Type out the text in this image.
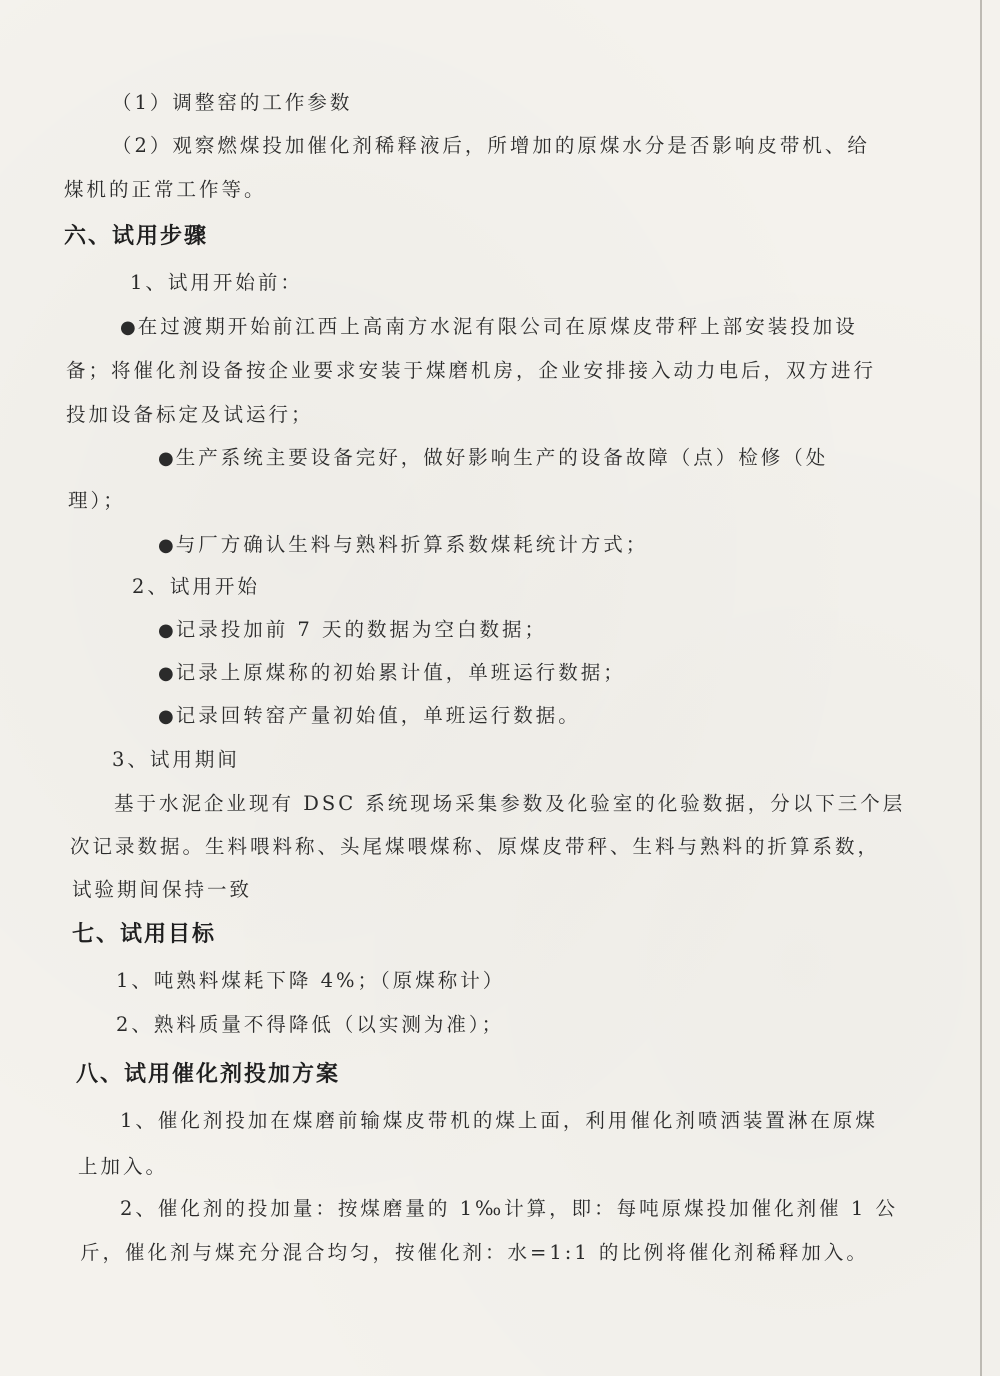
（1）调整窑的工作参数
（2）观察燃煤投加催化剂稀释液后，所增加的原煤水分是否影响皮带机、给
煤机的正常工作等。
六、试用步骤
1、试用开始前：
● 在过渡期开始前江西上高南方水泥有限公司在原煤皮带秤上部安装投加设
备；将催化剂设备按企业要求安装于煤磨机房，企业安排接入动力电后，双方进行
投加设备标定及试运行；
● 生产系统主要设备完好，做好影响生产的设备故障（点）检修（处
理）；
● 与厂方确认生料与熟料折算系数煤耗统计方式；
2、试用开始
● 记录投加前 7 天的数据为空白数据；
● 记录上原煤称的初始累计值，单班运行数据；
● 记录回转窑产量初始值，单班运行数据。
3、试用期间
基于水泥企业现有 DSC 系统现场采集参数及化验室的化验数据，分以下三个层
次记录数据。生料喂料称、头尾煤喂煤称、原煤皮带秤、生料与熟料的折算系数，
试验期间保持一致
七、试用目标
1、吨熟料煤耗下降 4%；（原煤称计）
2、熟料质量不得降低（以实测为准）；
八、试用催化剂投加方案
1、催化剂投加在煤磨前输煤皮带机的煤上面，利用催化剂喷洒装置淋在原煤
上加入。
2、催化剂的投加量：按煤磨量的 1‰计算，即：每吨原煤投加催化剂催 1 公
斤，催化剂与煤充分混合均匀，按催化剂：水=1:1 的比例将催化剂稀释加入。
